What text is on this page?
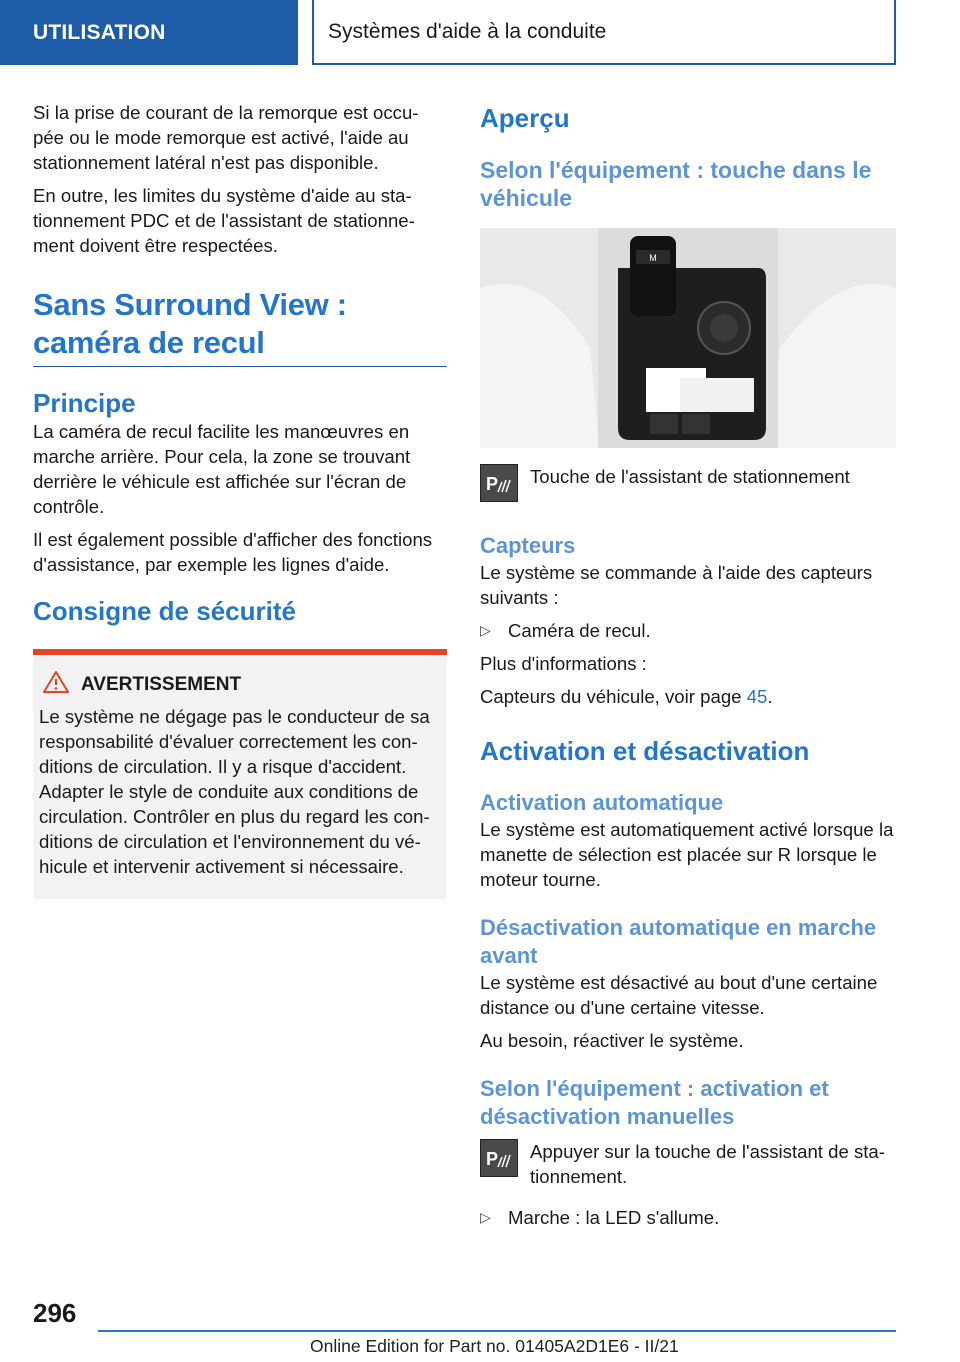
UTILISATION	Systèmes d'aide à la conduite

Si la prise de courant de la remorque est occu-pée ou le mode remorque est activé, l'aide au stationnement latéral n'est pas disponible.

En outre, les limites du système d'aide au sta-tionnement PDC et de l'assistant de stationne-ment doivent être respectées.

Sans Surround View :
caméra de recul
Principe

La caméra de recul facilite les manœuvres en marche arrière. Pour cela, la zone se trouvant derrière le véhicule est affichée sur l'écran de contrôle.

Il est également possible d'afficher des fonctions d'assistance, par exemple les lignes d'aide.

Consigne de sécurité
AVERTISSEMENT

Le système ne dégage pas le conducteur de sa responsabilité d'évaluer correctement les con-ditions de circulation. Il y a risque d'accident. Adapter le style de conduite aux conditions de circulation. Contrôler en plus du regard les con-ditions de circulation et l'environnement du vé-hicule et intervenir activement si nécessaire.

Aperçu
Selon l'équipement : touche dans le véhicule
M
P Touche de l'assistant de stationnement

Capteurs

Le système se commande à l'aide des capteurs suivants :

▷ Caméra de recul.

Plus d'informations :

Capteurs du véhicule, voir page 45.

Activation et désactivation
Activation automatique

Le système est automatiquement activé lorsque la manette de sélection est placée sur R lorsque le moteur tourne.

Désactivation automatique en marche avant

Le système est désactivé au bout d'une certaine distance ou d'une certaine vitesse.

Au besoin, réactiver le système.

Selon l'équipement : activation et désactivation manuelles
P Appuyer sur la touche de l'assistant de sta-tionnement.

▷ Marche : la LED s'allume.

296
Online Edition for Part no. 01405A2D1E6 - II/21
